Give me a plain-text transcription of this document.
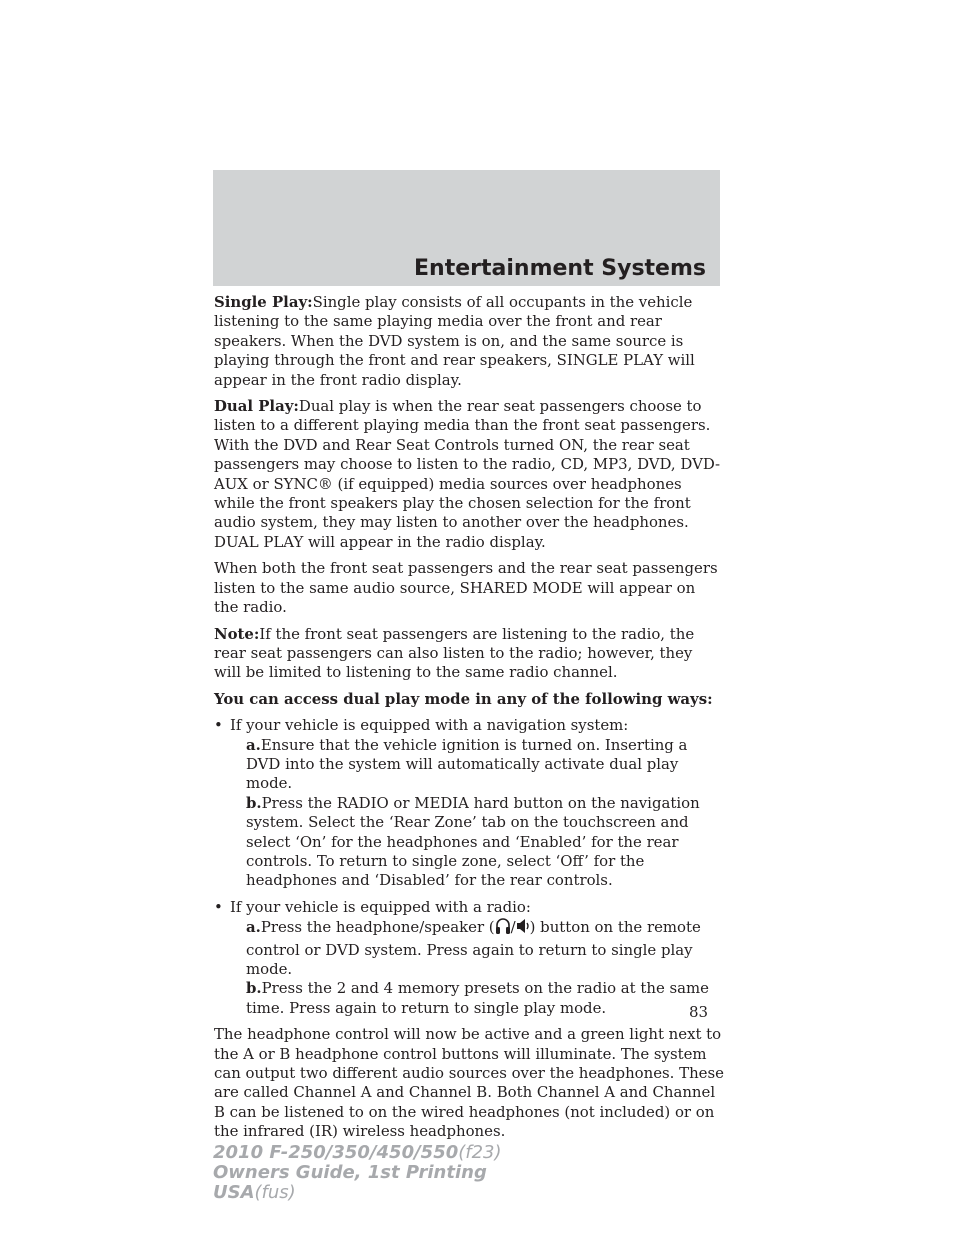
Entertainment Systems

Single Play:Single play consists of all occupants in the vehicle listening to the same playing media over the front and rear speakers. When the DVD system is on, and the same source is playing through the front and rear speakers, SINGLE PLAY will appear in the front radio display.

Dual Play:Dual play is when the rear seat passengers choose to listen to a different playing media than the front seat passengers. With the DVD and Rear Seat Controls turned ON, the rear seat passengers may choose to listen to the radio, CD, MP3, DVD, DVD-AUX or SYNC® (if equipped) media sources over headphones while the front speakers play the chosen selection for the front audio system, they may listen to another over the headphones. DUAL PLAY will appear in the radio display.

When both the front seat passengers and the rear seat passengers listen to the same audio source, SHARED MODE will appear on the radio.

Note:If the front seat passengers are listening to the radio, the rear seat passengers can also listen to the radio; however, they will be limited to listening to the same radio channel.

You can access dual play mode in any of the following ways:

• If your vehicle is equipped with a navigation system:

a.Ensure that the vehicle ignition is turned on. Inserting a DVD into the system will automatically activate dual play mode.

b.Press the RADIO or MEDIA hard button on the navigation system. Select the ‘Rear Zone’ tab on the touchscreen and select ‘On’ for the headphones and ‘Enabled’ for the rear controls. To return to single zone, select ‘Off’ for the headphones and ‘Disabled’ for the rear controls.

• If your vehicle is equipped with a radio:

a.Press the headphone/speaker ( / ) button on the remote control or DVD system. Press again to return to single play mode.

b.Press the 2 and 4 memory presets on the radio at the same time. Press again to return to single play mode.

The headphone control will now be active and a green light next to the A or B headphone control buttons will illuminate. The system can output two different audio sources over the headphones. These are called Channel A and Channel B. Both Channel A and Channel B can be listened to on the wired headphones (not included) or on the infrared (IR) wireless headphones.

83
2010 F-250/350/450/550(f23)
Owners Guide, 1st Printing
USA(fus)
